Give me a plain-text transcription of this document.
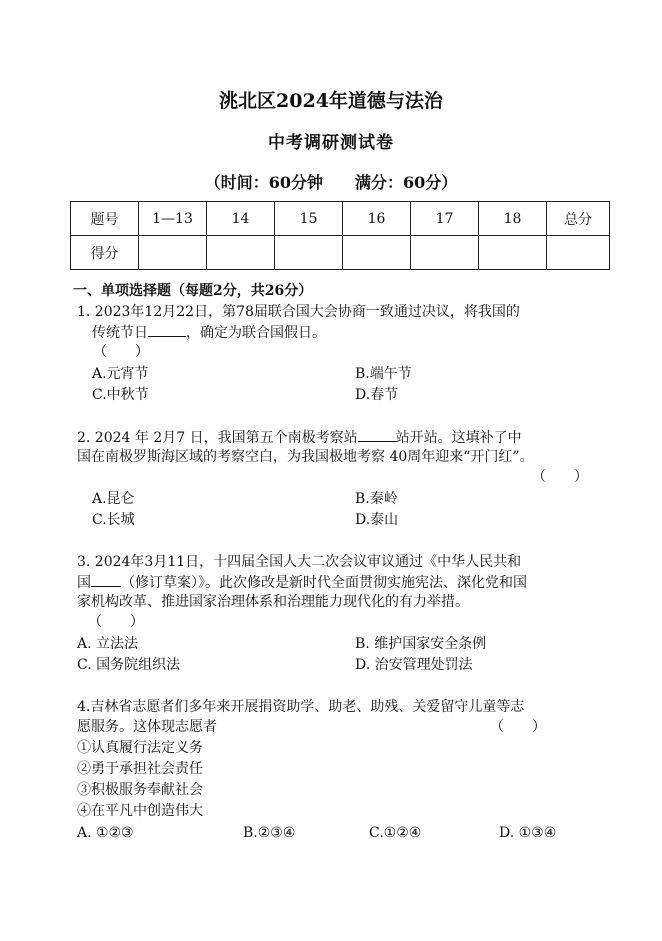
洮北区2024年道德与法治
中考调研测试卷
（时间：60分钟　　满分：60分）
题号	1—13	14	15	16	17	18	总分
得分							
一、单项选择题（每题2分，共26分）
1. 2023年12月22日，第78届联合国大会协商一致通过决议，将我国的
传统节日	，确定为联合国假日。
（　　）
A.元宵节	B.端午节
C.中秋节	D.春节
2. 2024 年 2月7 日，我国第五个南极考察站	站开站。这填补了中
国在南极罗斯海区域的考察空白，为我国极地考察 40周年迎来“开门红”。
（　　）
A.昆仑	B.秦岭
C.长城	D.泰山
3. 2024年3月11日，十四届全国人大二次会议审议通过《中华人民共和
国 （修订草案）》。此次修改是新时代全面贯彻实施宪法、深化党和国
家机构改革、推进国家治理体系和治理能力现代化的有力举措。
（　　）
A. 立法法	B. 维护国家安全条例
C. 国务院组织法	D. 治安管理处罚法
4.吉林省志愿者们多年来开展捐资助学、助老、助残、关爱留守儿童等志
愿服务。这体现志愿者	（　　）
①认真履行法定义务
②勇于承担社会责任
③积极服务奉献社会
④在平凡中创造伟大
A. ①②③	B.②③④	C.①②④	D. ①③④
